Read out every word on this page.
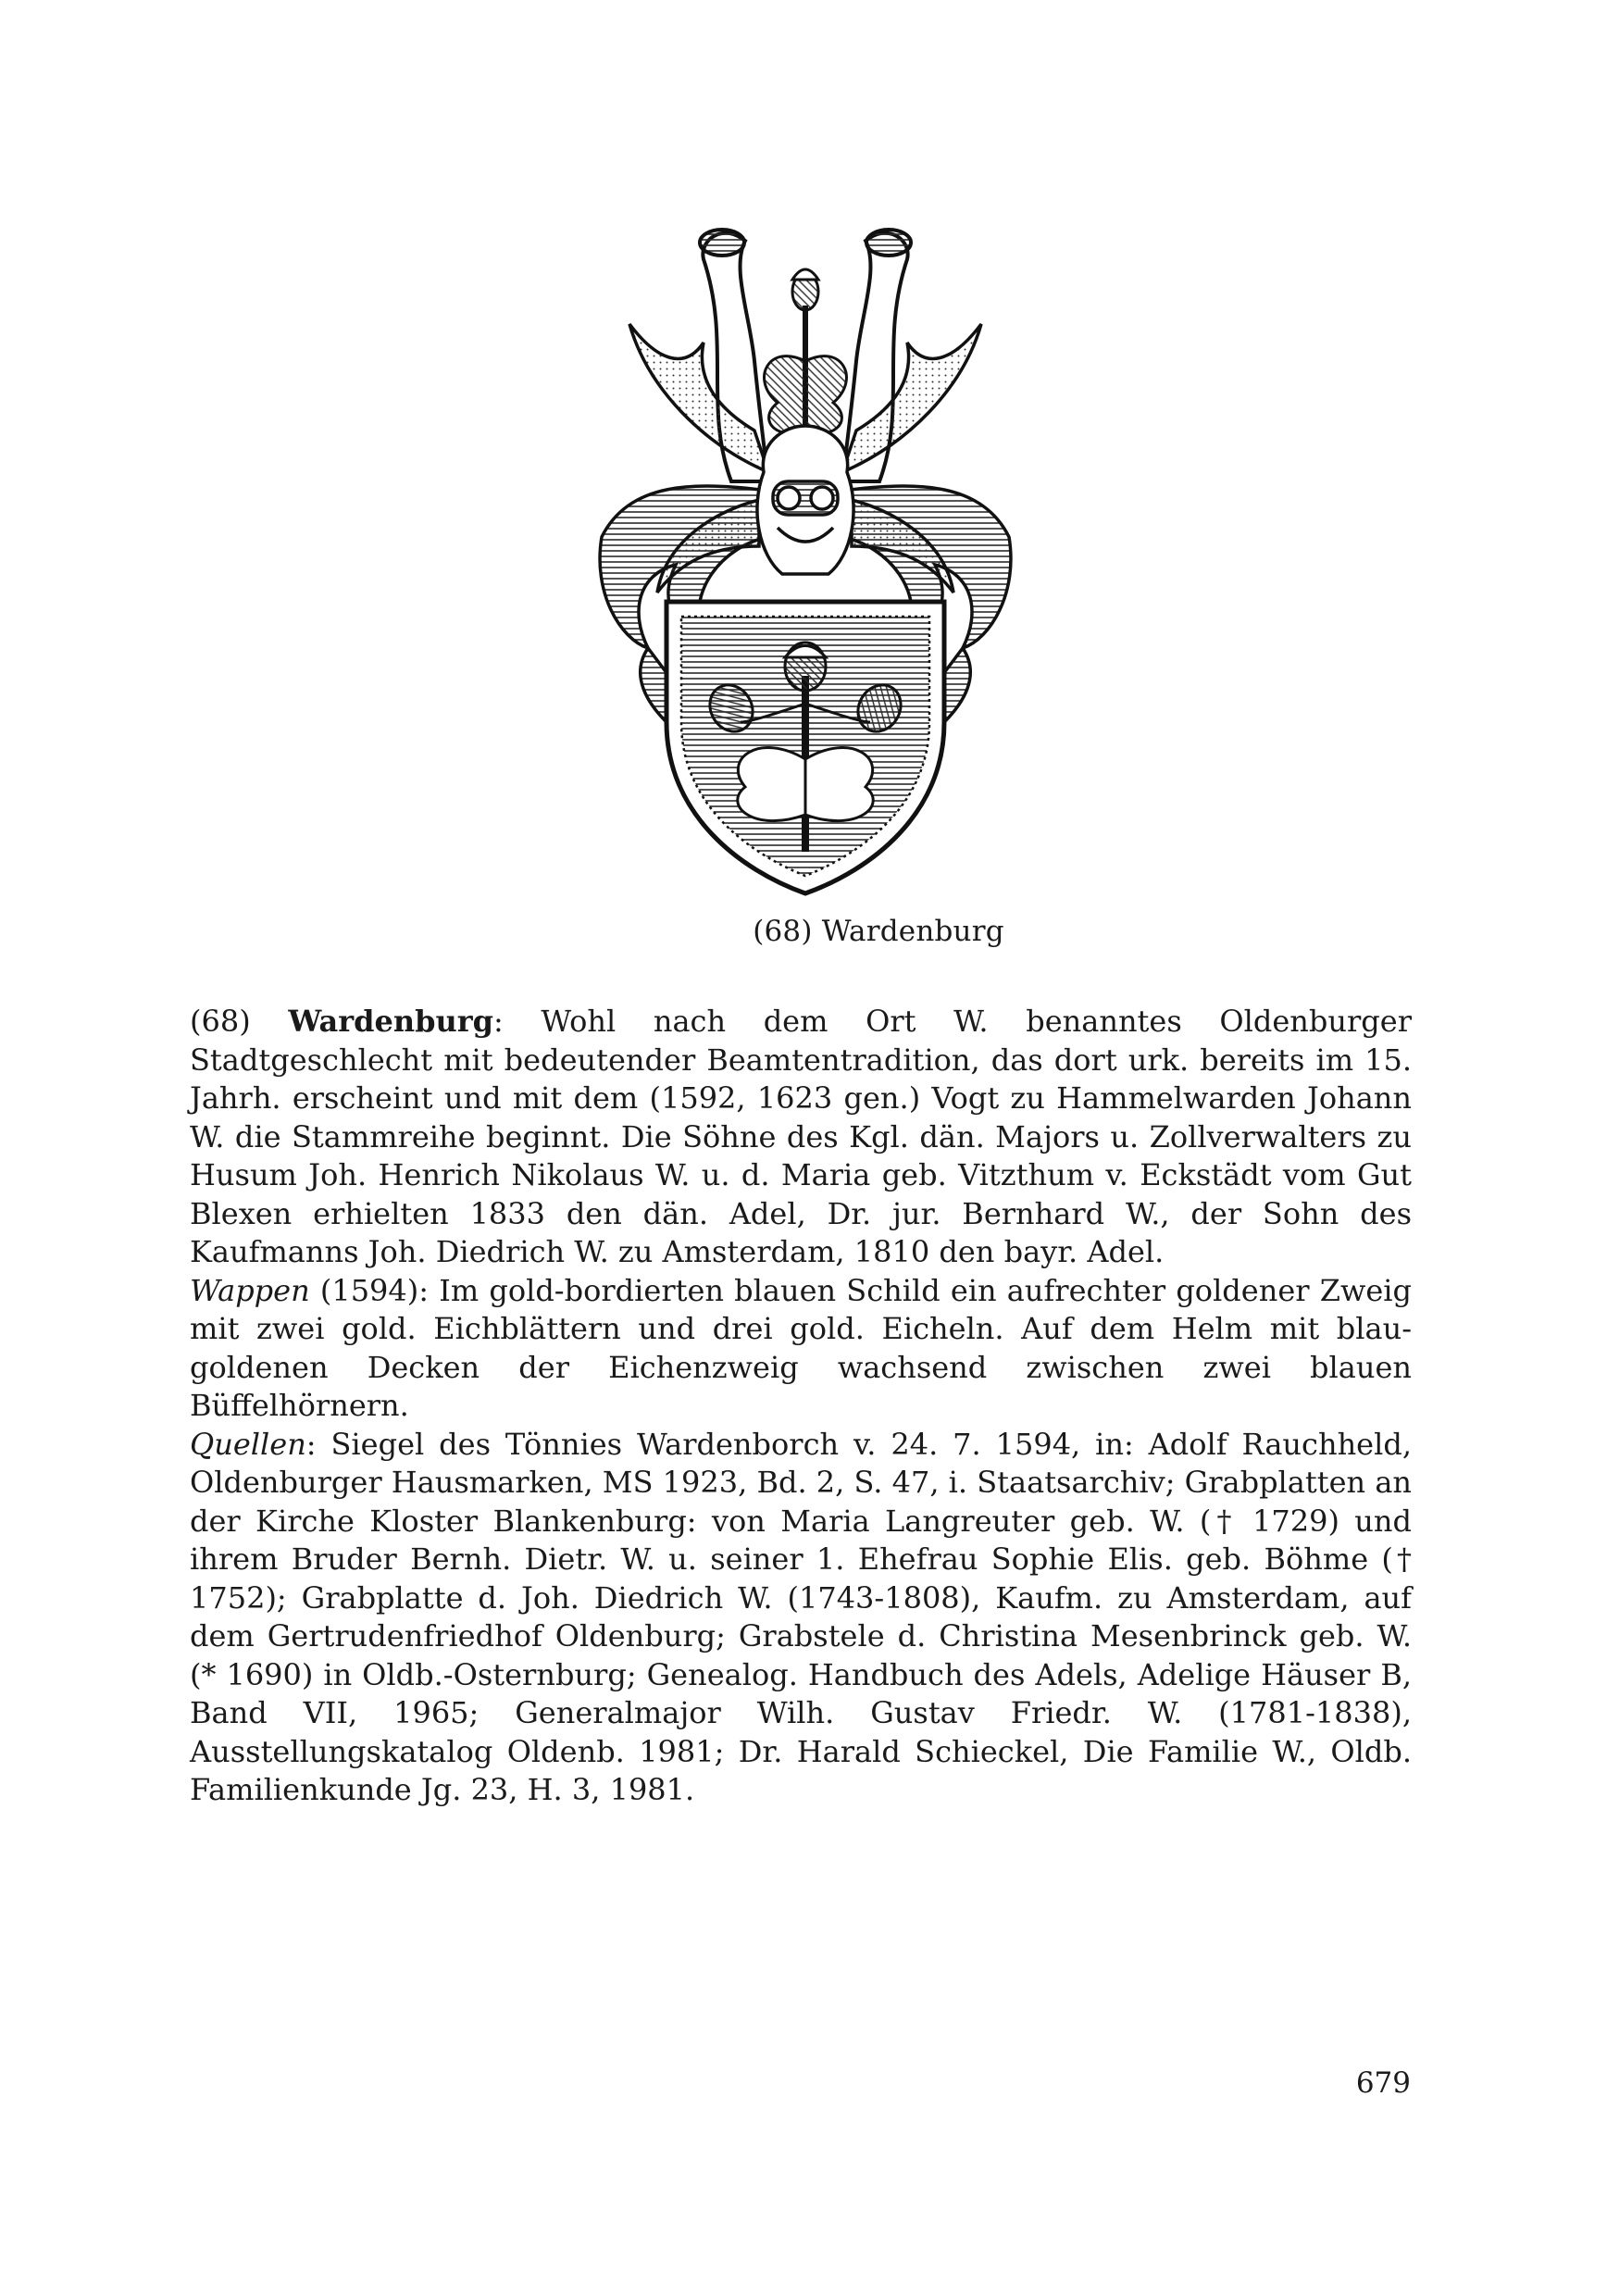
(68) Wardenburg

(68) Wardenburg: Wohl nach dem Ort W. benanntes Oldenburger Stadtgeschlecht mit bedeutender Beamtentradition, das dort urk. bereits im 15. Jahrh. erscheint und mit dem (1592, 1623 gen.) Vogt zu Hammelwarden Johann W. die Stammreihe beginnt. Die Söhne des Kgl. dän. Majors u. Zollverwalters zu Husum Joh. Henrich Nikolaus W. u. d. Maria geb. Vitzthum v. Eckstädt vom Gut Blexen erhielten 1833 den dän. Adel, Dr. jur. Bernhard W., der Sohn des Kaufmanns Joh. Diedrich W. zu Amsterdam, 1810 den bayr. Adel.

Wappen (1594): Im gold-bordierten blauen Schild ein aufrechter goldener Zweig mit zwei gold. Eichblättern und drei gold. Eicheln. Auf dem Helm mit blau-goldenen Decken der Eichenzweig wachsend zwischen zwei blauen Büffelhörnern.

Quellen: Siegel des Tönnies Wardenborch v. 24. 7. 1594, in: Adolf Rauchheld, Oldenburger Hausmarken, MS 1923, Bd. 2, S. 47, i. Staatsarchiv; Grabplatten an der Kirche Kloster Blankenburg: von Maria Langreuter geb. W. († 1729) und ihrem Bruder Bernh. Dietr. W. u. seiner 1. Ehefrau Sophie Elis. geb. Böhme († 1752); Grabplatte d. Joh. Diedrich W. (1743-1808), Kaufm. zu Amsterdam, auf dem Gertrudenfriedhof Oldenburg; Grabstele d. Christina Mesenbrinck geb. W. (* 1690) in Oldb.-Osternburg; Genealog. Handbuch des Adels, Adelige Häuser B, Band VII, 1965; Generalmajor Wilh. Gustav Friedr. W. (1781-1838), Ausstellungskatalog Oldenb. 1981; Dr. Harald Schieckel, Die Familie W., Oldb. Familienkunde Jg. 23, H. 3, 1981.

679
